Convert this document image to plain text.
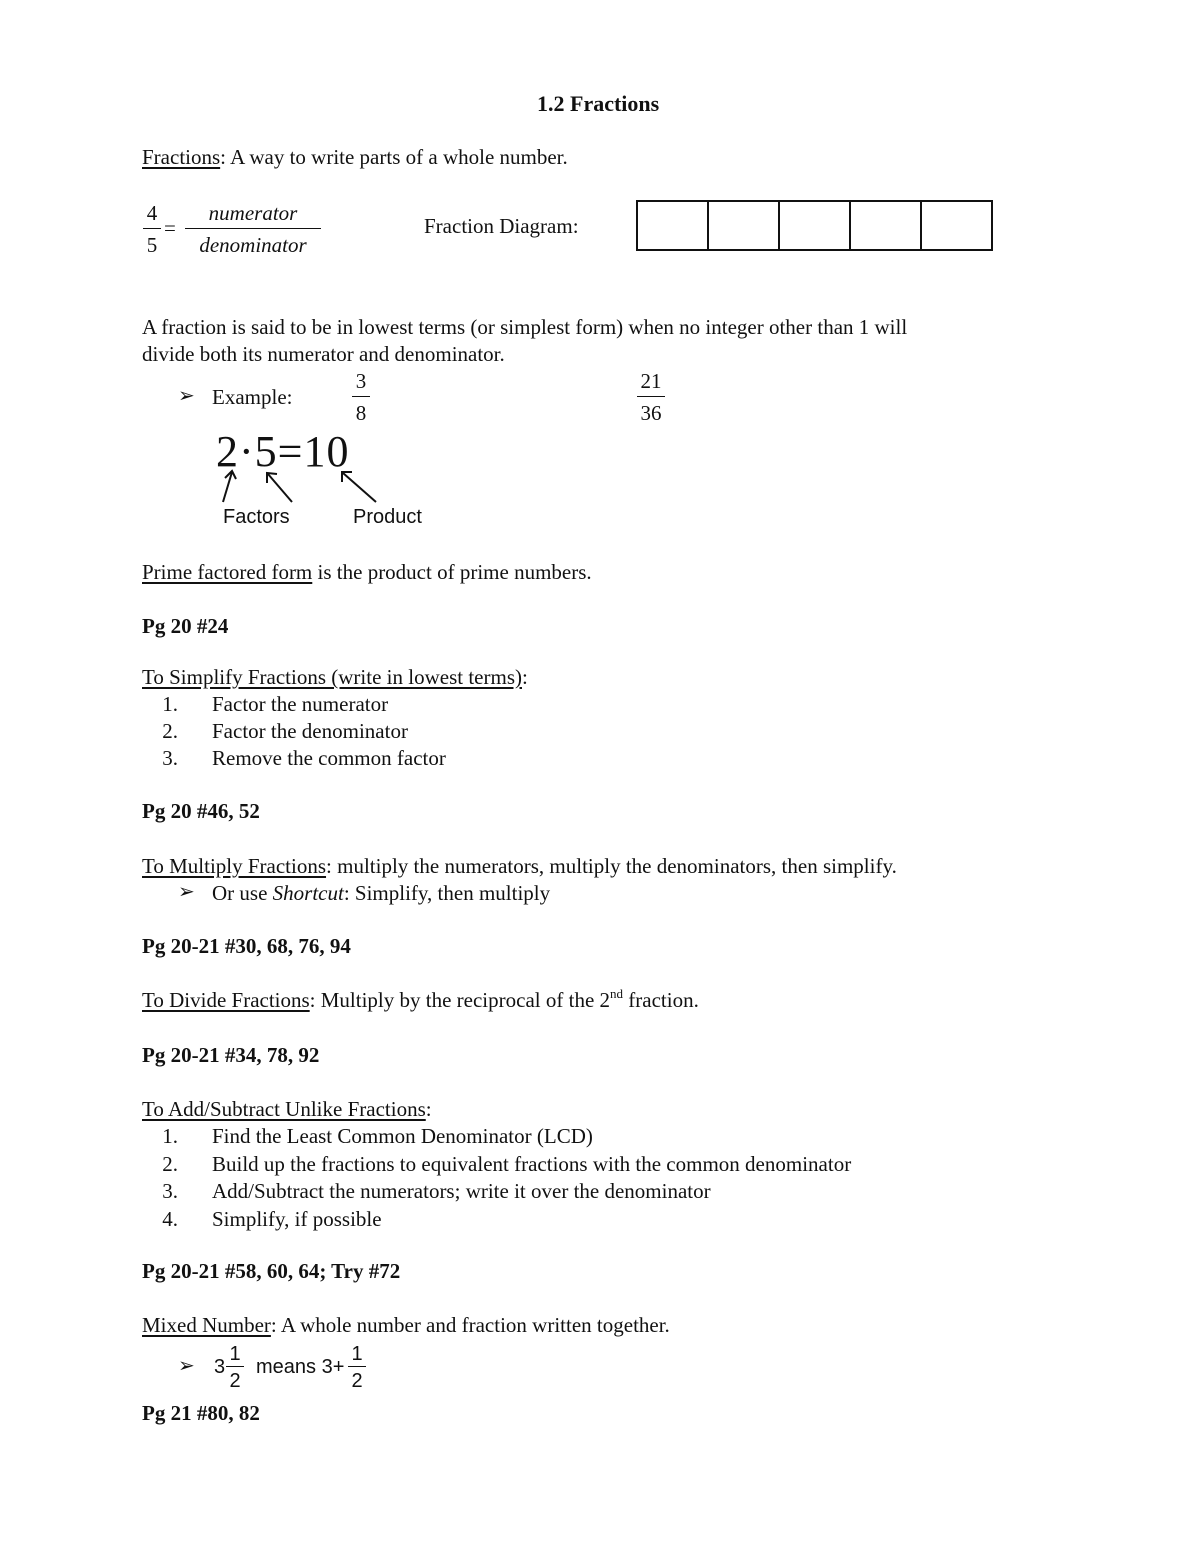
1.2 Fractions
Fractions: A way to write parts of a whole number.
4
5
=
numerator
denominator
Fraction Diagram:
A fraction is said to be in lowest terms (or simplest form) when no integer other than 1 will
divide both its numerator and denominator.
➢ Example:
3
8
21
36
2·5=10
Factors	Product
Prime factored form is the product of prime numbers.
Pg 20 #24
To Simplify Fractions (write in lowest terms):
1. Factor the numerator
2. Factor the denominator
3. Remove the common factor
Pg 20 #46, 52
To Multiply Fractions: multiply the numerators, multiply the denominators, then simplify.
➢ Or use Shortcut: Simplify, then multiply
Pg 20-21 #30, 68, 76, 94
To Divide Fractions: Multiply by the reciprocal of the 2nd fraction.
Pg 20-21 #34, 78, 92
To Add/Subtract Unlike Fractions:
1. Find the Least Common Denominator (LCD)
2. Build up the fractions to equivalent fractions with the common denominator
3. Add/Subtract the numerators; write it over the denominator
4. Simplify, if possible
Pg 20-21 #58, 60, 64; Try #72
Mixed Number: A whole number and fraction written together.
➢ 3
1
2
means 3+
1
2
Pg 21 #80, 82
